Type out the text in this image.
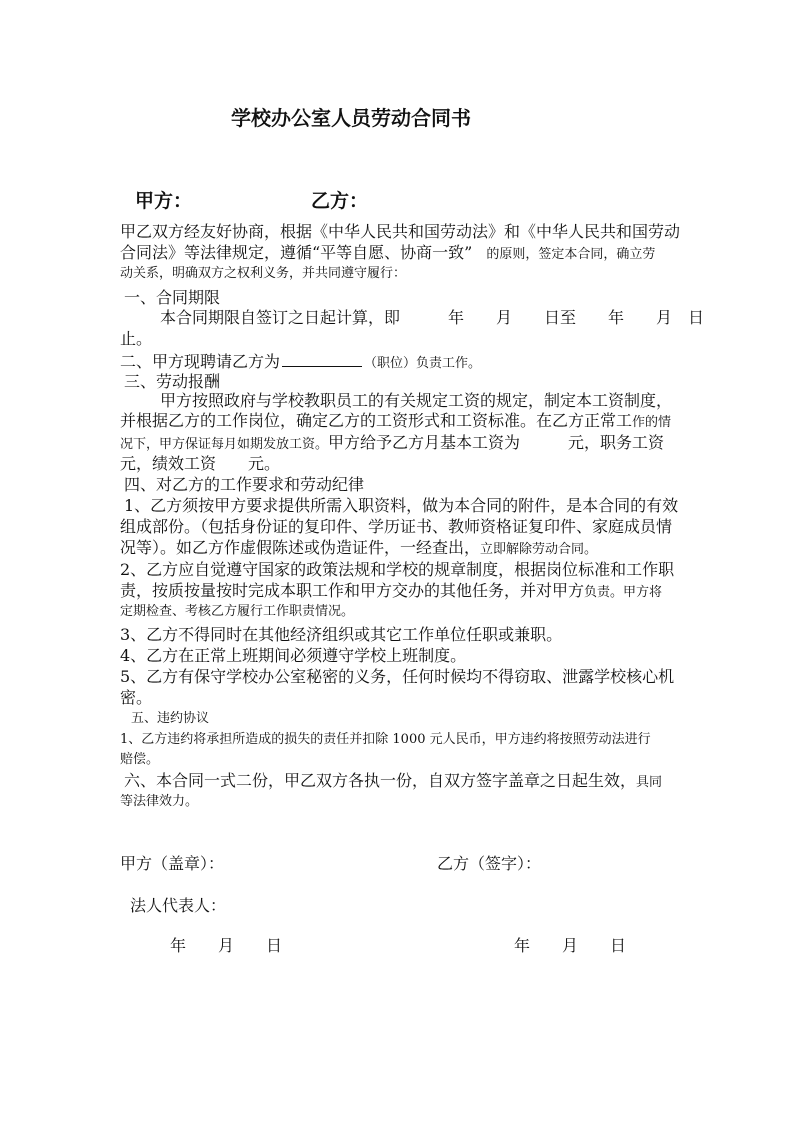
学校办公室人员劳动合同书
甲方：	乙方：
甲乙双方经友好协商，根据《中华人民共和国劳动法》和《中华人民共和国劳动
合同法》等法律规定，遵循“平等自愿、协商一致” 的原则，签定本合同，确立劳
动关系，明确双方之权利义务，并共同遵守履行：
一、合同期限
本合同期限自签订之日起计算，即　　　年　　月　　日至　　年　　月　日
止。
二、甲方现聘请乙方为	（职位）负责工作。
三、劳动报酬
甲方按照政府与学校教职员工的有关规定工资的规定，制定本工资制度，
并根据乙方的工作岗位，确定乙方的工资形式和工资标准。在乙方正常工作的情
况下，甲方保证每月如期发放工资。甲方给予乙方月基本工资为　　　元，职务工资
元，绩效工资　　元。
四、对乙方的工作要求和劳动纪律
1、乙方须按甲方要求提供所需入职资料，做为本合同的附件，是本合同的有效
组成部份。（包括身份证的复印件、学历证书、教师资格证复印件、家庭成员情
况等）。如乙方作虚假陈述或伪造证件，一经查出，立即解除劳动合同。
2、乙方应自觉遵守国家的政策法规和学校的规章制度，根据岗位标准和工作职
责，按质按量按时完成本职工作和甲方交办的其他任务，并对甲方负责。甲方将
定期检查、考核乙方履行工作职责情况。
3、乙方不得同时在其他经济组织或其它工作单位任职或兼职。
4、乙方在正常上班期间必须遵守学校上班制度。
5、乙方有保守学校办公室秘密的义务，任何时候均不得窃取、泄露学校核心机
密。
五、违约协议
1、乙方违约将承担所造成的损失的责任并扣除 1000 元人民币，甲方违约将按照劳动法进行
赔偿。
六、本合同一式二份，甲乙双方各执一份，自双方签字盖章之日起生效，具同
等法律效力。
甲方（盖章）：	乙方（签字）：
法人代表人：
年　　月　　日	年　　月　　日
